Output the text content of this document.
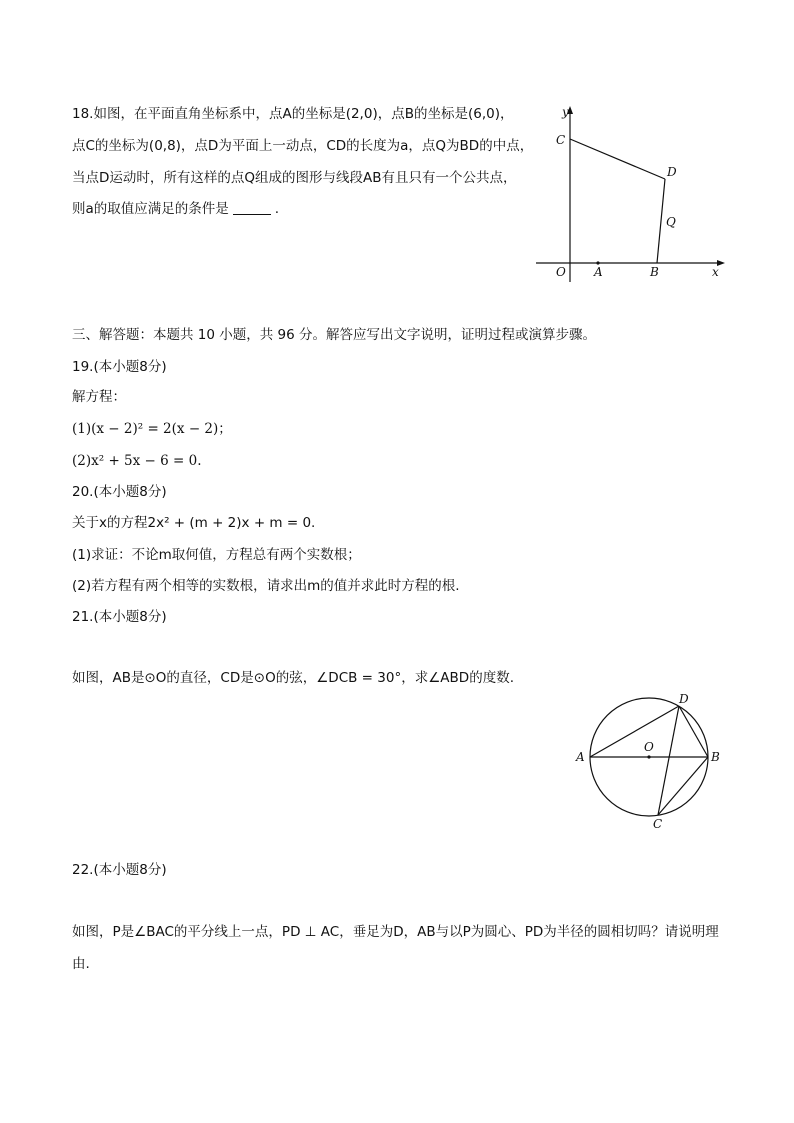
18.如图，在平面直角坐标系中，点A的坐标是(2,0)，点B的坐标是(6,0)，
点C的坐标为(0,8)，点D为平面上一动点，CD的长度为a，点Q为BD的中点，
当点D运动时，所有这样的点Q组成的图形与线段AB有且只有一个公共点，
则a的取值应满足的条件是	.
y
C
D
Q
O A	B	x
三、解答题：本题共 10 小题，共 96 分。解答应写出文字说明，证明过程或演算步骤。
19.(本小题8分)
解方程：
(1)(x − 2)² = 2(x − 2)；
(2)x² + 5x − 6 = 0.
20.(本小题8分)
关于x的方程2x² + (m + 2)x + m = 0.
(1)求证：不论m取何值，方程总有两个实数根；
(2)若方程有两个相等的实数根，请求出m的值并求此时方程的根.
21.(本小题8分)
如图，AB是⊙O的直径，CD是⊙O的弦，∠DCB = 30°，求∠ABD的度数.
A	B
C
D
O
22.(本小题8分)
如图，P是∠BAC的平分线上一点，PD ⊥ AC，垂足为D，AB与以P为圆心、PD为半径的圆相切吗？请说明理
由.
